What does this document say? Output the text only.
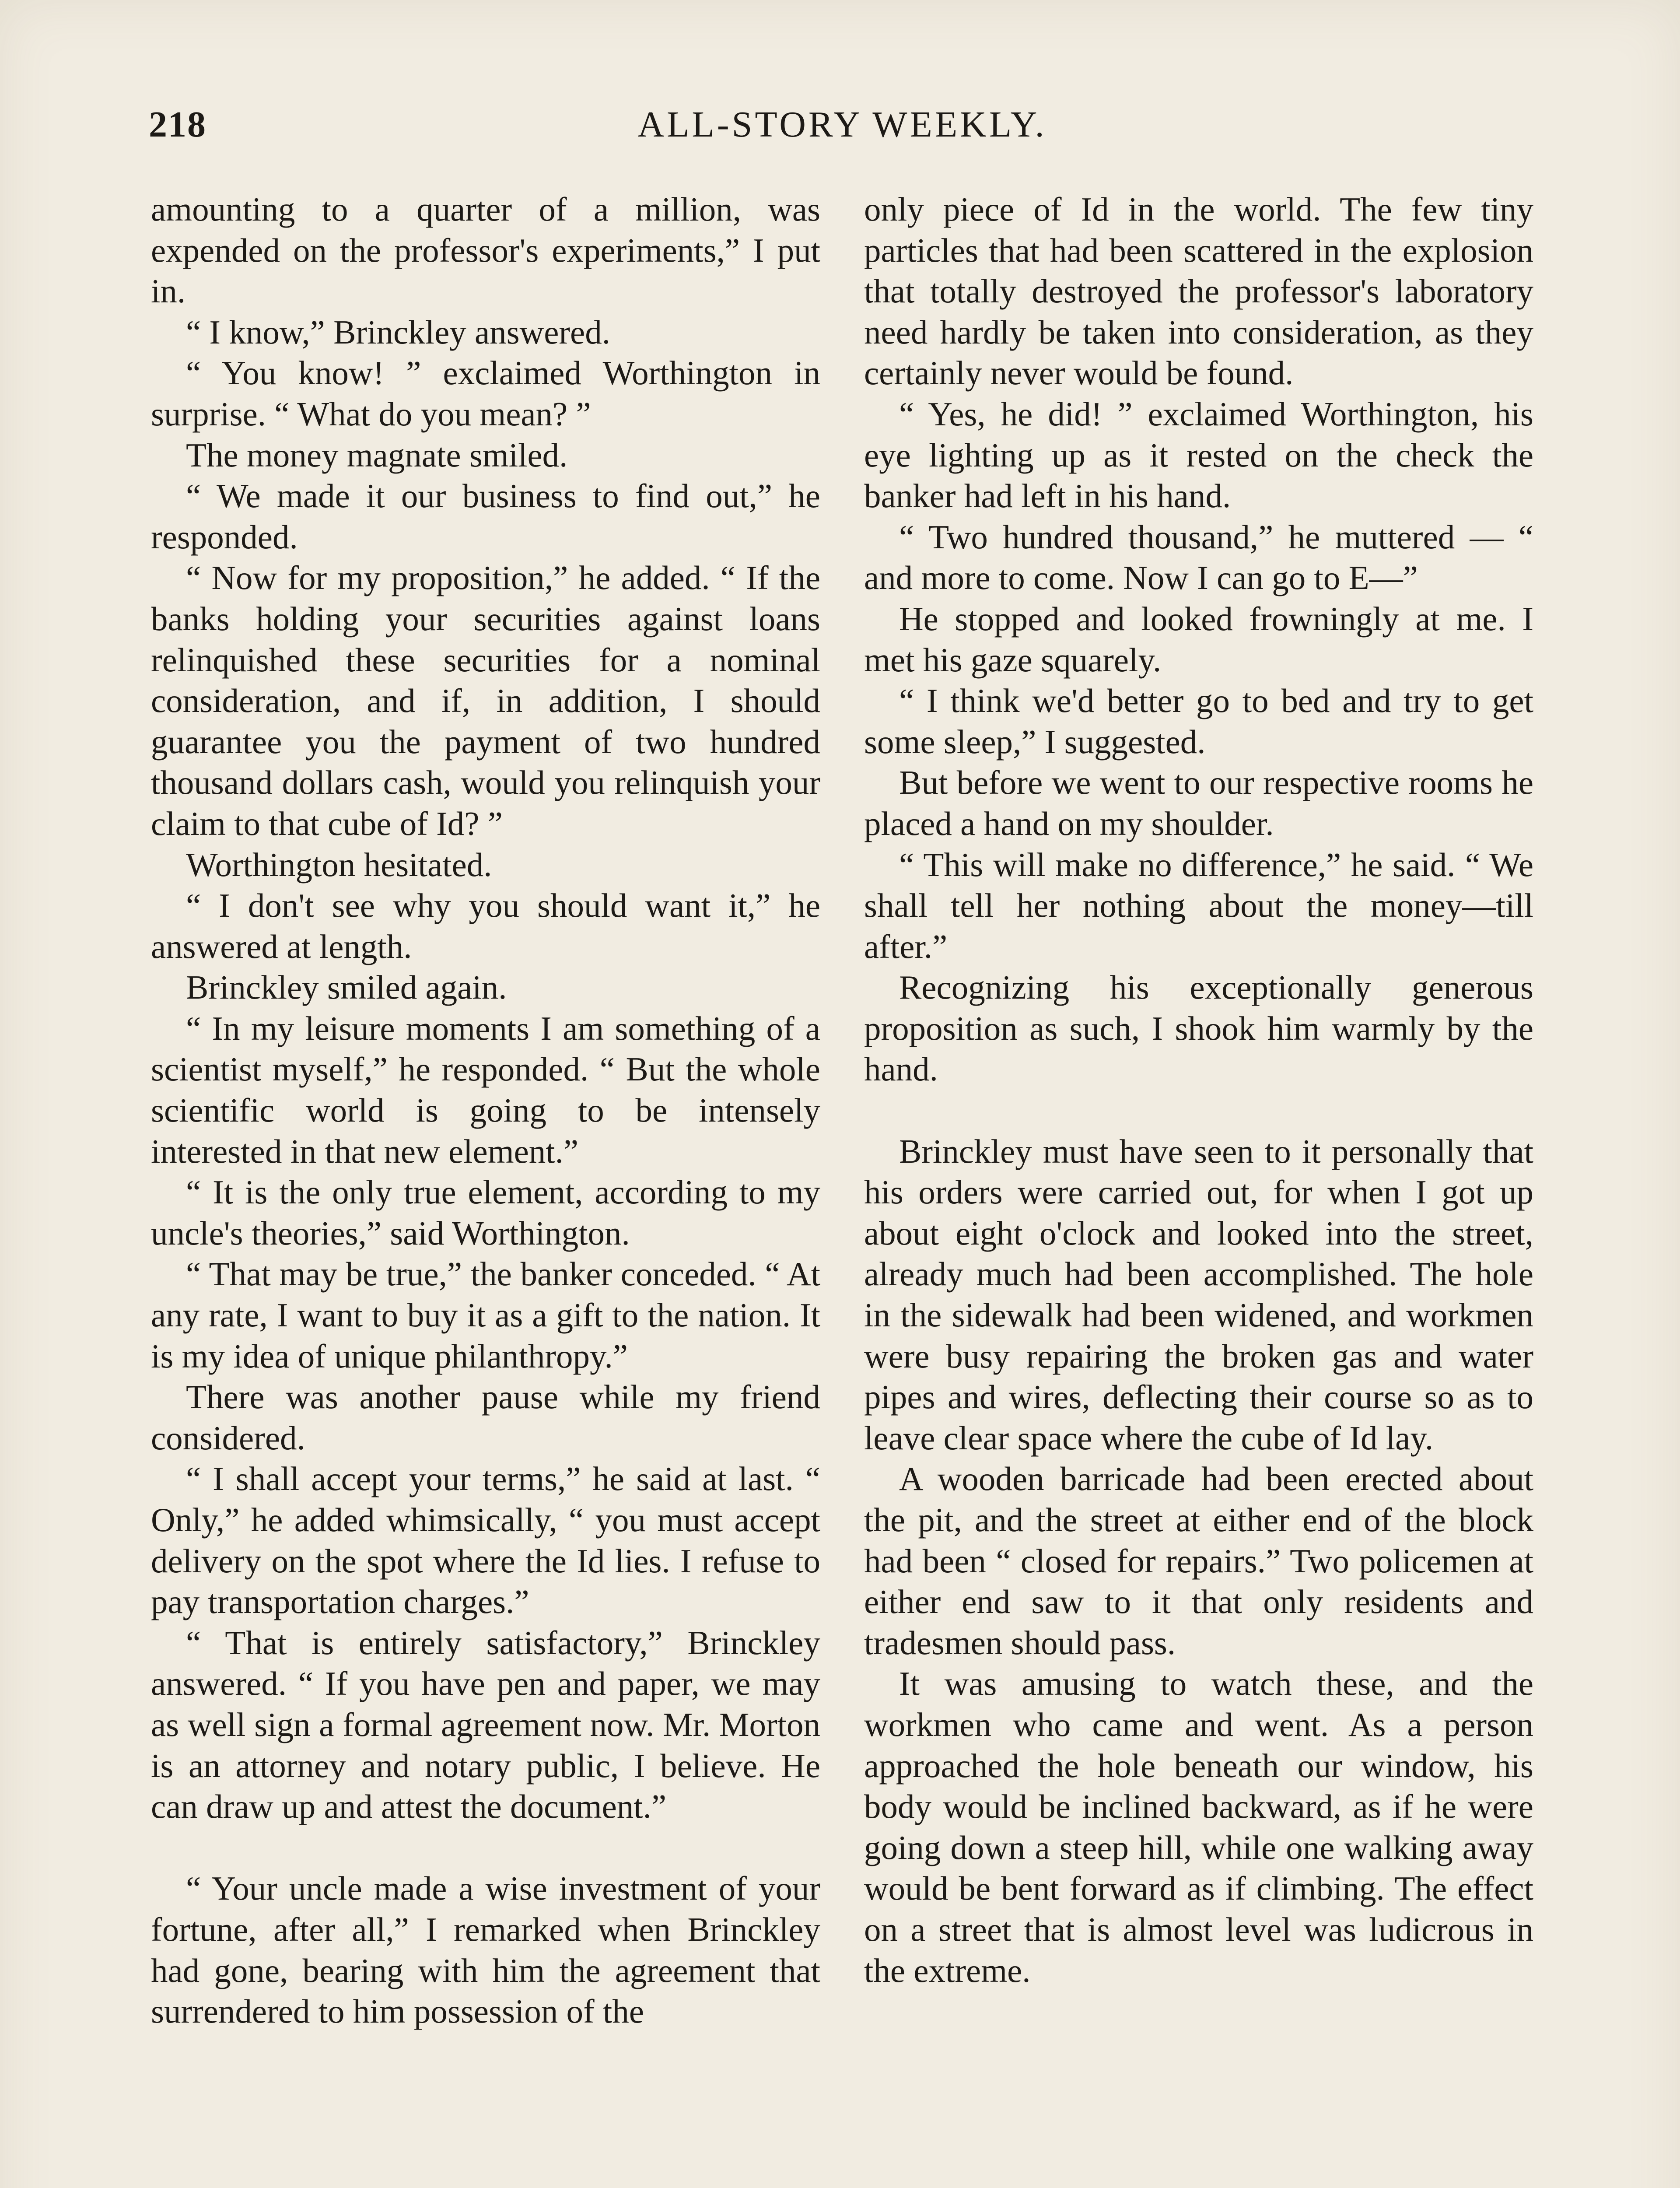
218	ALL-STORY WEEKLY.

amounting to a quarter of a million, was expended on the professor's experiments,” I put in.

“ I know,” Brinckley answered.

“ You know! ” exclaimed Worthington in surprise. “ What do you mean? ”

The money magnate smiled.

“ We made it our business to find out,” he responded.

“ Now for my proposition,” he added. “ If the banks holding your securities against loans relinquished these securities for a nominal consideration, and if, in addition, I should guarantee you the payment of two hundred thousand dollars cash, would you relinquish your claim to that cube of Id? ”

Worthington hesitated.

“ I don't see why you should want it,” he answered at length.

Brinckley smiled again.

“ In my leisure moments I am something of a scientist myself,” he responded. “ But the whole scientific world is going to be intensely interested in that new element.”

“ It is the only true element, according to my uncle's theories,” said Worthington.

“ That may be true,” the banker conceded. “ At any rate, I want to buy it as a gift to the nation. It is my idea of unique philanthropy.”

There was another pause while my friend considered.

“ I shall accept your terms,” he said at last. “ Only,” he added whimsically, “ you must accept delivery on the spot where the Id lies. I refuse to pay transportation charges.”

“ That is entirely satisfactory,” Brinckley answered. “ If you have pen and paper, we may as well sign a formal agreement now. Mr. Morton is an attorney and notary public, I believe. He can draw up and attest the document.”

“ Your uncle made a wise investment of your fortune, after all,” I remarked when Brinckley had gone, bearing with him the agreement that surrendered to him possession of the

only piece of Id in the world. The few tiny particles that had been scattered in the explosion that totally destroyed the professor's laboratory need hardly be taken into consideration, as they certainly never would be found.

“ Yes, he did! ” exclaimed Worthington, his eye lighting up as it rested on the check the banker had left in his hand.

“ Two hundred thousand,” he muttered — “ and more to come. Now I can go to E—”

He stopped and looked frowningly at me. I met his gaze squarely.

“ I think we'd better go to bed and try to get some sleep,” I suggested.

But before we went to our respective rooms he placed a hand on my shoulder.

“ This will make no difference,” he said. “ We shall tell her nothing about the money—till after.”

Recognizing his exceptionally generous proposition as such, I shook him warmly by the hand.

Brinckley must have seen to it personally that his orders were carried out, for when I got up about eight o'clock and looked into the street, already much had been accomplished. The hole in the sidewalk had been widened, and workmen were busy repairing the broken gas and water pipes and wires, deflecting their course so as to leave clear space where the cube of Id lay.

A wooden barricade had been erected about the pit, and the street at either end of the block had been “ closed for repairs.” Two policemen at either end saw to it that only residents and tradesmen should pass.

It was amusing to watch these, and the workmen who came and went. As a person approached the hole beneath our window, his body would be inclined backward, as if he were going down a steep hill, while one walking away would be bent forward as if climbing. The effect on a street that is almost level was ludicrous in the extreme.
